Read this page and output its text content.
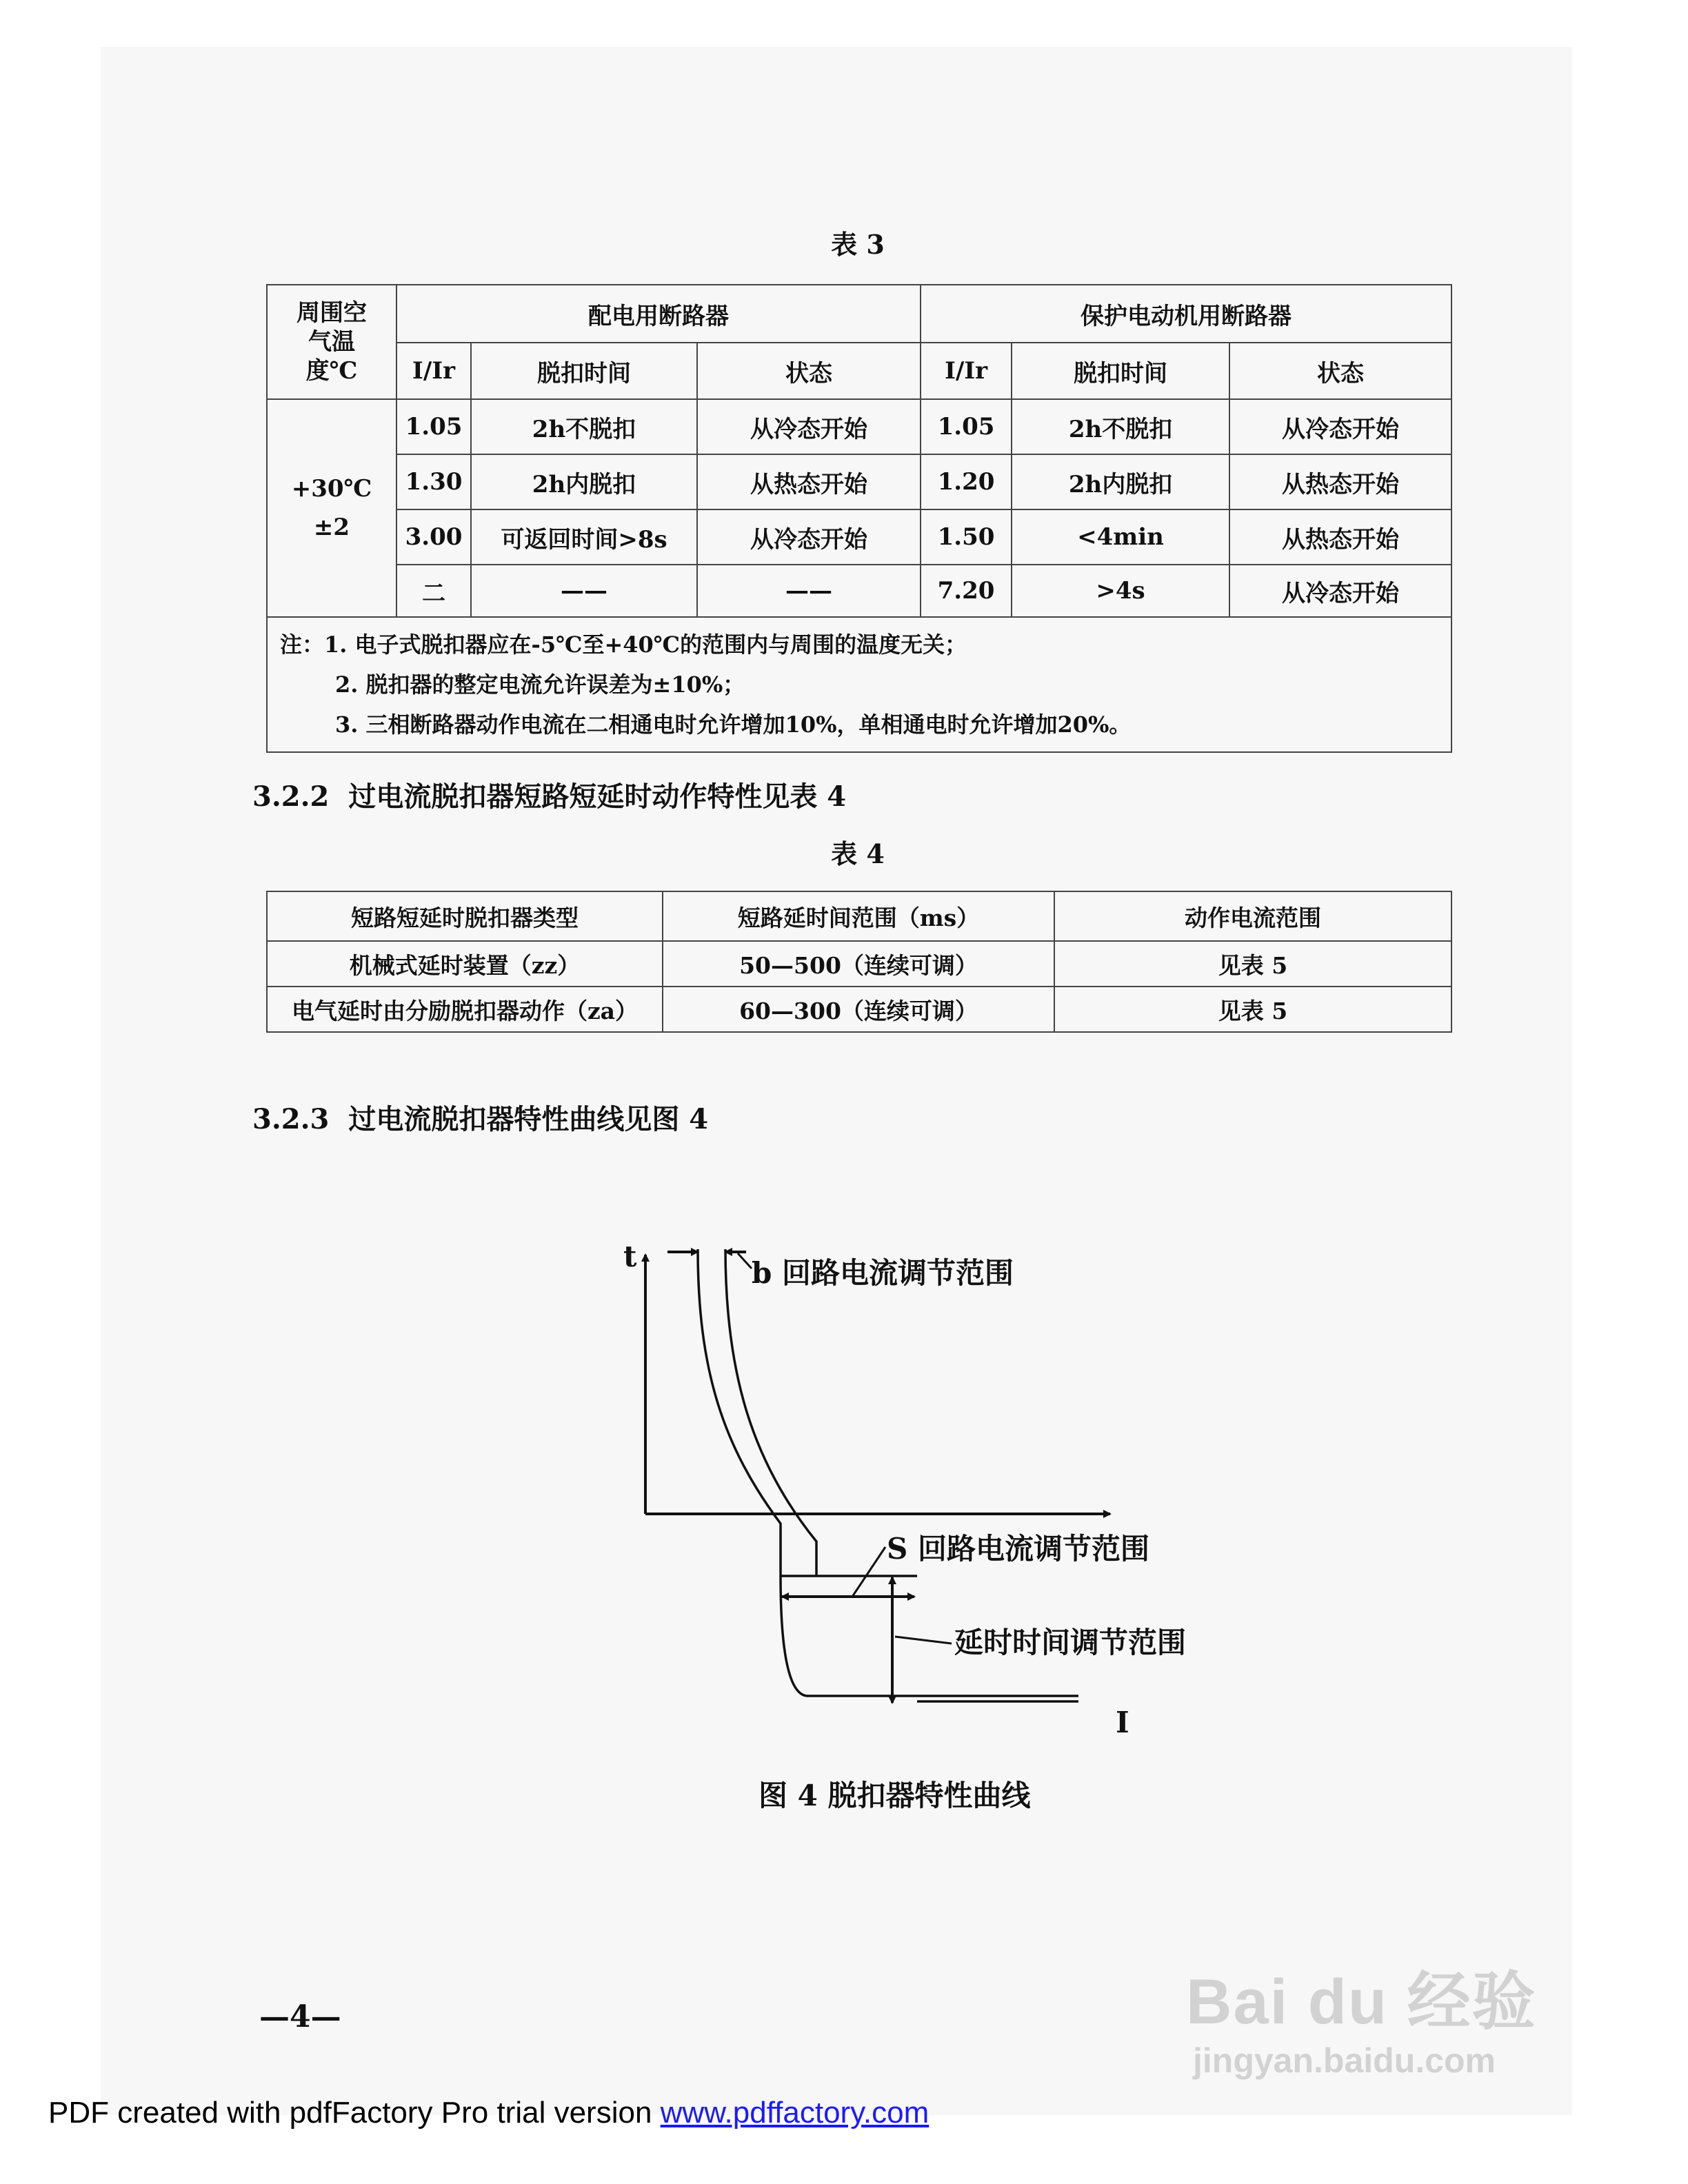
表 3
周围空气温度℃	配电用断路器			保护电动机用断路器		
	I/Ir	脱扣时间	状态	I/Ir	脱扣时间	状态
+30℃ ±2	1.05	2h不脱扣	从冷态开始	1.05	2h不脱扣	从冷态开始
	1.30	2h内脱扣	从热态开始	1.20	2h内脱扣	从热态开始
	3.00	可返回时间>8s	从冷态开始	1.50	<4min	从热态开始
	二	——	——	7.20	>4s	从冷态开始

注：1. 电子式脱扣器应在-5℃至+40℃的范围内与周围的温度无关；
2. 脱扣器的整定电流允许误差为±10%；
3. 三相断路器动作电流在二相通电时允许增加10%，单相通电时允许增加20%。						
3.2.2 过电流脱扣器短路短延时动作特性见表 4
表 4
短路短延时脱扣器类型	短路延时间范围（ms）	动作电流范围
机械式延时装置（zz）	50—500（连续可调）	见表 5
电气延时由分励脱扣器动作（za）	60—300（连续可调）	见表 5
3.2.3 过电流脱扣器特性曲线见图 4
t
I
b 回路电流调节范围
S 回路电流调节范围
延时时间调节范围
图 4 脱扣器特性曲线
—4—	Bai du 经验
jingyan.baidu.com
PDF created with pdfFactory Pro trial version www.pdffactory.com
